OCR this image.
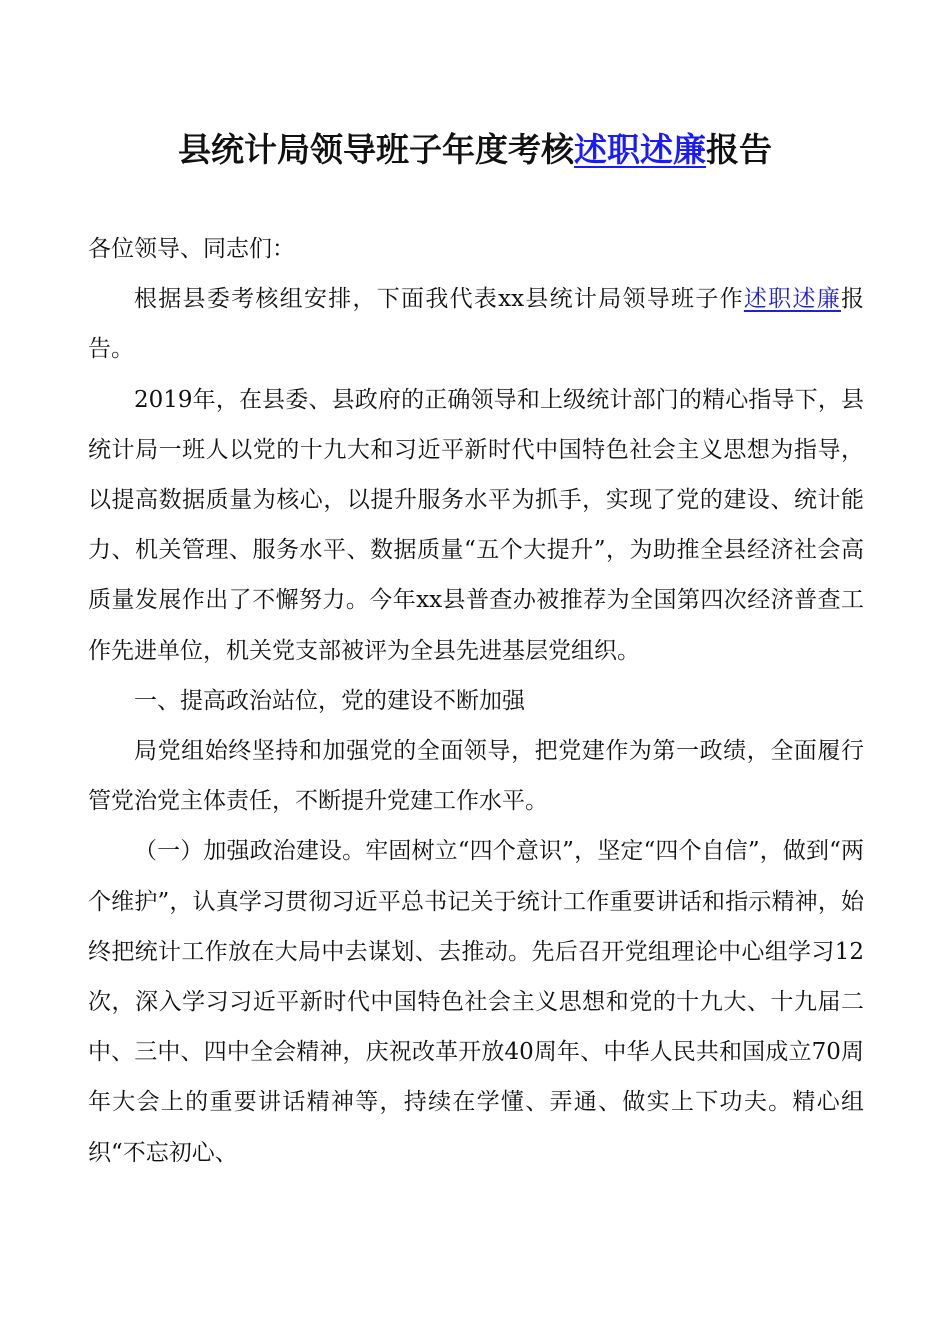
县统计局领导班子年度考核述职述廉报告

各位领导、同志们：

根据县委考核组安排，下面我代表xx县统计局领导班子作述职述廉报告。

2019年，在县委、县政府的正确领导和上级统计部门的精心指导下，县统计局一班人以党的十九大和习近平新时代中国特色社会主义思想为指导，以提高数据质量为核心，以提升服务水平为抓手，实现了党的建设、统计能力、机关管理、服务水平、数据质量“五个大提升”，为助推全县经济社会高质量发展作出了不懈努力。今年xx县普查办被推荐为全国第四次经济普查工作先进单位，机关党支部被评为全县先进基层党组织。

一、提高政治站位，党的建设不断加强

局党组始终坚持和加强党的全面领导，把党建作为第一政绩，全面履行管党治党主体责任，不断提升党建工作水平。

（一）加强政治建设。牢固树立“四个意识”，坚定“四个自信”，做到“两个维护”，认真学习贯彻习近平总书记关于统计工作重要讲话和指示精神，始终把统计工作放在大局中去谋划、去推动。先后召开党组理论中心组学习12次，深入学习习近平新时代中国特色社会主义思想和党的十九大、十九届二中、三中、四中全会精神，庆祝改革开放40周年、中华人民共和国成立70周年大会上的重要讲话精神等，持续在学懂、弄通、做实上下功夫。精心组织“不忘初心、
